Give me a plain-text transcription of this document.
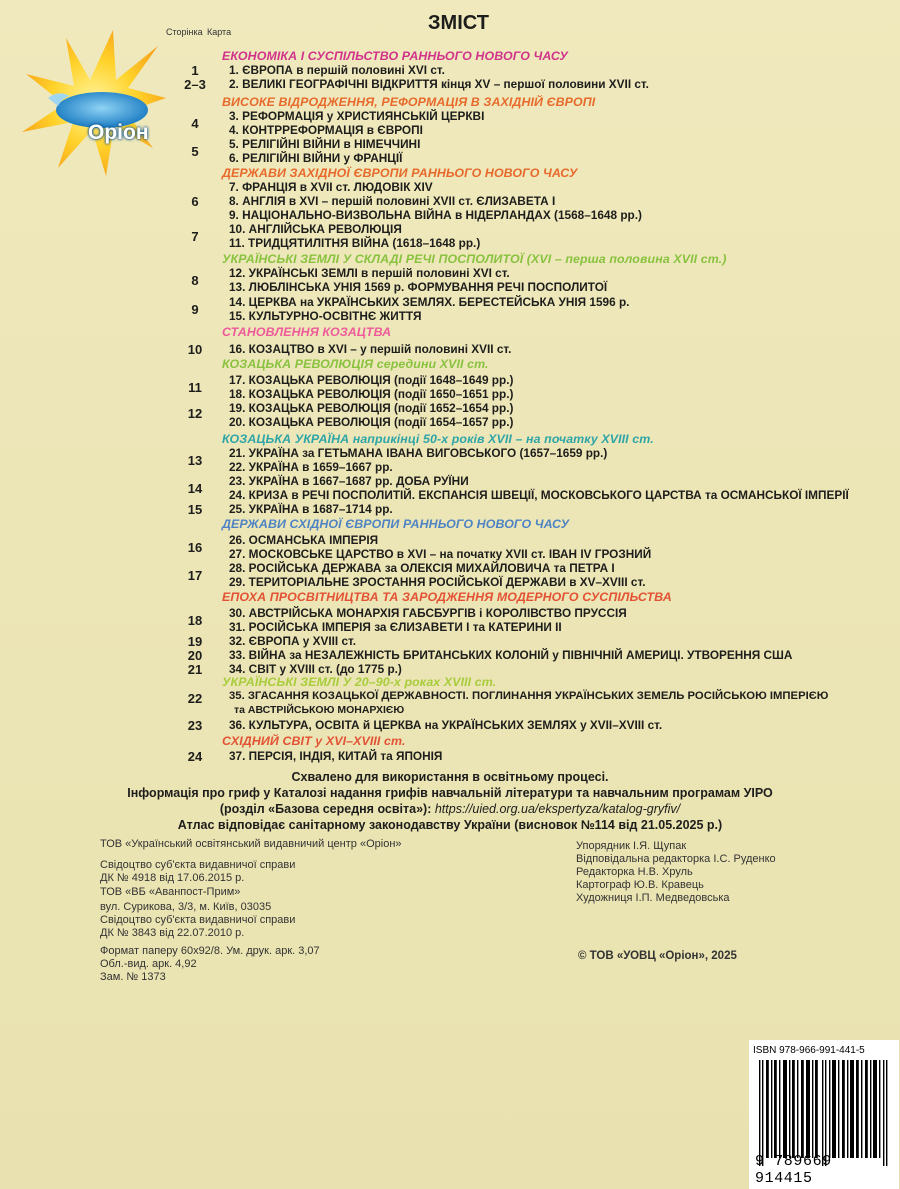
Оріон
Сторінка Карта	ЗМІСТ
ЕКОНОМІКА І СУСПІЛЬСТВО РАННЬОГО НОВОГО ЧАСУ
ВИСОКЕ ВІДРОДЖЕННЯ, РЕФОРМАЦІЯ В ЗАХІДНІЙ ЄВРОПІ
ДЕРЖАВИ ЗАХІДНОЇ ЄВРОПИ РАННЬОГО НОВОГО ЧАСУ
УКРАЇНСЬКІ ЗЕМЛІ У СКЛАДІ РЕЧІ ПОСПОЛИТОЇ (XVI – перша половина XVII ст.)
СТАНОВЛЕННЯ КОЗАЦТВА
КОЗАЦЬКА РЕВОЛЮЦІЯ середини XVII ст.
КОЗАЦЬКА УКРАЇНА наприкінці 50-х років XVII – на початку XVIII ст.
ДЕРЖАВИ СХІДНОЇ ЄВРОПИ РАННЬОГО НОВОГО ЧАСУ
ЕПОХА ПРОСВІТНИЦТВА ТА ЗАРОДЖЕННЯ МОДЕРНОГО СУСПІЛЬСТВА
УКРАЇНСЬКІ ЗЕМЛІ У 20–90-х роках XVIII ст.
СХІДНИЙ СВІТ у XVI–XVIII ст.
1. ЄВРОПА в першій половині XVI ст.
2. ВЕЛИКІ ГЕОГРАФІЧНІ ВІДКРИТТЯ кінця XV – першої половини XVII ст.
3. РЕФОРМАЦІЯ у ХРИСТИЯНСЬКІЙ ЦЕРКВІ
4. КОНТРРЕФОРМАЦІЯ в ЄВРОПІ
5. РЕЛІГІЙНІ ВІЙНИ в НІМЕЧЧИНІ
6. РЕЛІГІЙНІ ВІЙНИ у ФРАНЦІЇ
7. ФРАНЦІЯ в XVII ст. ЛЮДОВІК XIV
8. АНГЛІЯ в XVI – першій половині XVII ст. ЄЛИЗАВЕТА І
9. НАЦІОНАЛЬНО-ВИЗВОЛЬНА ВІЙНА в НІДЕРЛАНДАХ (1568–1648 рр.)
10. АНГЛІЙСЬКА РЕВОЛЮЦІЯ
11. ТРИДЦЯТИЛІТНЯ ВІЙНА (1618–1648 рр.)
12. УКРАЇНСЬКІ ЗЕМЛІ в першій половині XVI ст.
13. ЛЮБЛІНСЬКА УНІЯ 1569 р. ФОРМУВАННЯ РЕЧІ ПОСПОЛИТОЇ
14. ЦЕРКВА на УКРАЇНСЬКИХ ЗЕМЛЯХ. БЕРЕСТЕЙСЬКА УНІЯ 1596 р.
15. КУЛЬТУРНО-ОСВІТНЄ ЖИТТЯ
16. КОЗАЦТВО в XVI – у першій половині XVII ст.
17. КОЗАЦЬКА РЕВОЛЮЦІЯ (події 1648–1649 рр.)
18. КОЗАЦЬКА РЕВОЛЮЦІЯ (події 1650–1651 рр.)
19. КОЗАЦЬКА РЕВОЛЮЦІЯ (події 1652–1654 рр.)
20. КОЗАЦЬКА РЕВОЛЮЦІЯ (події 1654–1657 рр.)
21. УКРАЇНА за ГЕТЬМАНА ІВАНА ВИГОВСЬКОГО (1657–1659 рр.)
22. УКРАЇНА в 1659–1667 рр.
23. УКРАЇНА в 1667–1687 рр. ДОБА РУЇНИ
24. КРИЗА в РЕЧІ ПОСПОЛИТІЙ. ЕКСПАНСІЯ ШВЕЦІЇ, МОСКОВСЬКОГО ЦАРСТВА та ОСМАНСЬКОЇ ІМПЕРІЇ
25. УКРАЇНА в 1687–1714 рр.
26. ОСМАНСЬКА ІМПЕРІЯ
27. МОСКОВСЬКЕ ЦАРСТВО в XVI – на початку XVII ст. ІВАН IV ГРОЗНИЙ
28. РОСІЙСЬКА ДЕРЖАВА за ОЛЕКСІЯ МИХАЙЛОВИЧА та ПЕТРА І
29. ТЕРИТОРІАЛЬНЕ ЗРОСТАННЯ РОСІЙСЬКОЇ ДЕРЖАВИ в XV–XVIII ст.
30. АВСТРІЙСЬКА МОНАРХІЯ ГАБСБУРГІВ і КОРОЛІВСТВО ПРУССІЯ
31. РОСІЙСЬКА ІМПЕРІЯ за ЄЛИЗАВЕТИ І та КАТЕРИНИ ІІ
32. ЄВРОПА у XVIII ст.
33. ВІЙНА за НЕЗАЛЕЖНІСТЬ БРИТАНСЬКИХ КОЛОНІЙ у ПІВНІЧНІЙ АМЕРИЦІ. УТВОРЕННЯ США
34. СВІТ у XVIII ст. (до 1775 р.)
35. ЗГАСАННЯ КОЗАЦЬКОЇ ДЕРЖАВНОСТІ. ПОГЛИНАННЯ УКРАЇНСЬКИХ ЗЕМЕЛЬ РОСІЙСЬКОЮ ІМПЕРІЄЮ
та АВСТРІЙСЬКОЮ МОНАРХІЄЮ
36. КУЛЬТУРА, ОСВІТА й ЦЕРКВА на УКРАЇНСЬКИХ ЗЕМЛЯХ у XVII–XVIII ст.
37. ПЕРСІЯ, ІНДІЯ, КИТАЙ та ЯПОНІЯ
1
2–3
4
5
6
7
8
9
10
11
12
13
14
15
16
17
18
19
20
21
22
23
24
Схвалено для використання в освітньому процесі.
Інформація про гриф у Каталозі надання грифів навчальній літератури та навчальним програмам УІРО
(розділ «Базова середня освіта»): https://uied.org.ua/ekspertyza/katalog-gryfiv/
Атлас відповідає санітарному законодавству України (висновок №114 від 21.05.2025 р.)
ТОВ «Український освітянський видавничий центр «Оріон»
Свідоцтво суб'єкта видавничої справи
ДК № 4918 від 17.06.2015 р.
ТОВ «ВБ «Аванпост-Прим»
вул. Сурикова, 3/3, м. Київ, 03035
Свідоцтво суб'єкта видавничої справи
ДК № 3843 від 22.07.2010 р.
Формат паперу 60х92/8. Ум. друк. арк. 3,07
Обл.-вид. арк. 4,92
Зам. № 1373
Упорядник І.Я. Щупак
Відповідальна редакторка І.С. Руденко
Редакторка Н.В. Хруль
Картограф Ю.В. Кравець
Художниця І.П. Медведовська
© ТОВ «УОВЦ «Оріон», 2025
ISBN 978-966-991-441-5
9 789669 914415
